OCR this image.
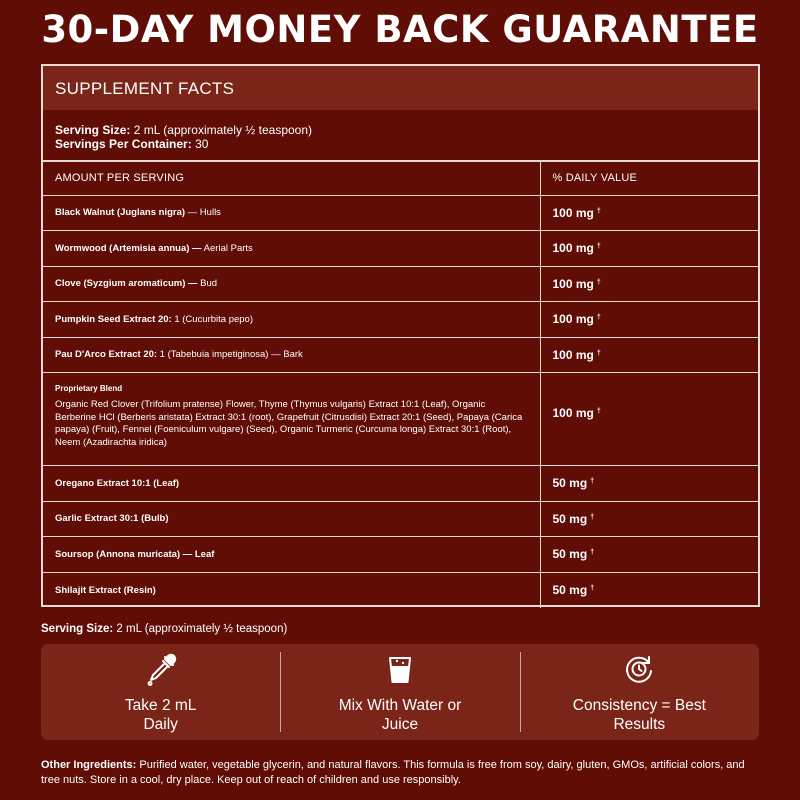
30-DAY MONEY BACK GUARANTEE
SUPPLEMENT FACTS
Serving Size: 2 mL (approximately ½ teaspoon)
Servings Per Container: 30
AMOUNT PER SERVING	% DAILY VALUE
Black Walnut (Juglans nigra) — Hulls	100 mg †
Wormwood (Artemisia annua) — Aerial Parts	100 mg †
Clove (Syzgium aromaticum) — Bud	100 mg †
Pumpkin Seed Extract 20: 1 (Cucurbita pepo)	100 mg †
Pau D'Arco Extract 20: 1 (Tabebuia impetiginosa) — Bark	100 mg †

Proprietary Blend
Organic Red Clover (Trifolium pratense) Flower, Thyme (Thymus vulgaris) Extract 10:1 (Leaf), Organic Berberine HCl (Berberis aristata) Extract 30:1 (root), Grapefruit (Citrusdisi) Extract 20:1 (Seed), Papaya (Carica papaya) (Fruit), Fennel (Foeniculum vulgare) (Seed), Organic Turmeric (Curcuma longa) Extract 30:1 (Root), Neem (Azadirachta iridica)	100 mg †
Oregano Extract 10:1 (Leaf)	50 mg †
Garlic Extract 30:1 (Bulb)	50 mg †
Soursop (Annona muricata) — Leaf	50 mg †
Shilajit Extract (Resin)	50 mg †
Serving Size: 2 mL (approximately ½ teaspoon)
Take 2 mL
Daily
Mix With Water or
Juice
Consistency = Best
Results
Other Ingredients: Purified water, vegetable glycerin, and natural flavors. This formula is free from soy, dairy, gluten, GMOs, artificial colors, and tree nuts. Store in a cool, dry place. Keep out of reach of children and use responsibly.
